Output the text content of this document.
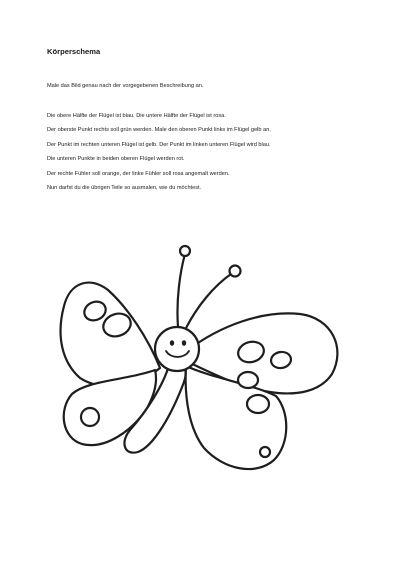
Körperschema

Male das Bild genau nach der vorgegebenen Beschreibung an.

Die obere Hälfte der Flügel ist blau. Die untere Hälfte der Flügel ist rosa.
Der oberste Punkt rechts soll grün werden. Male den oberen Punkt links im Flügel gelb an.
Der Punkt im rechten unteren Flügel ist gelb. Der Punkt im linken unteren Flügel wird blau.
Die unteren Punkte in beiden oberen Flügel werden rot.
Der rechte Fühler soll orange, der linke Fühler soll rosa angemalt werden.
Nun darfst du die übrigen Teile so ausmalen, wie du möchtest.
